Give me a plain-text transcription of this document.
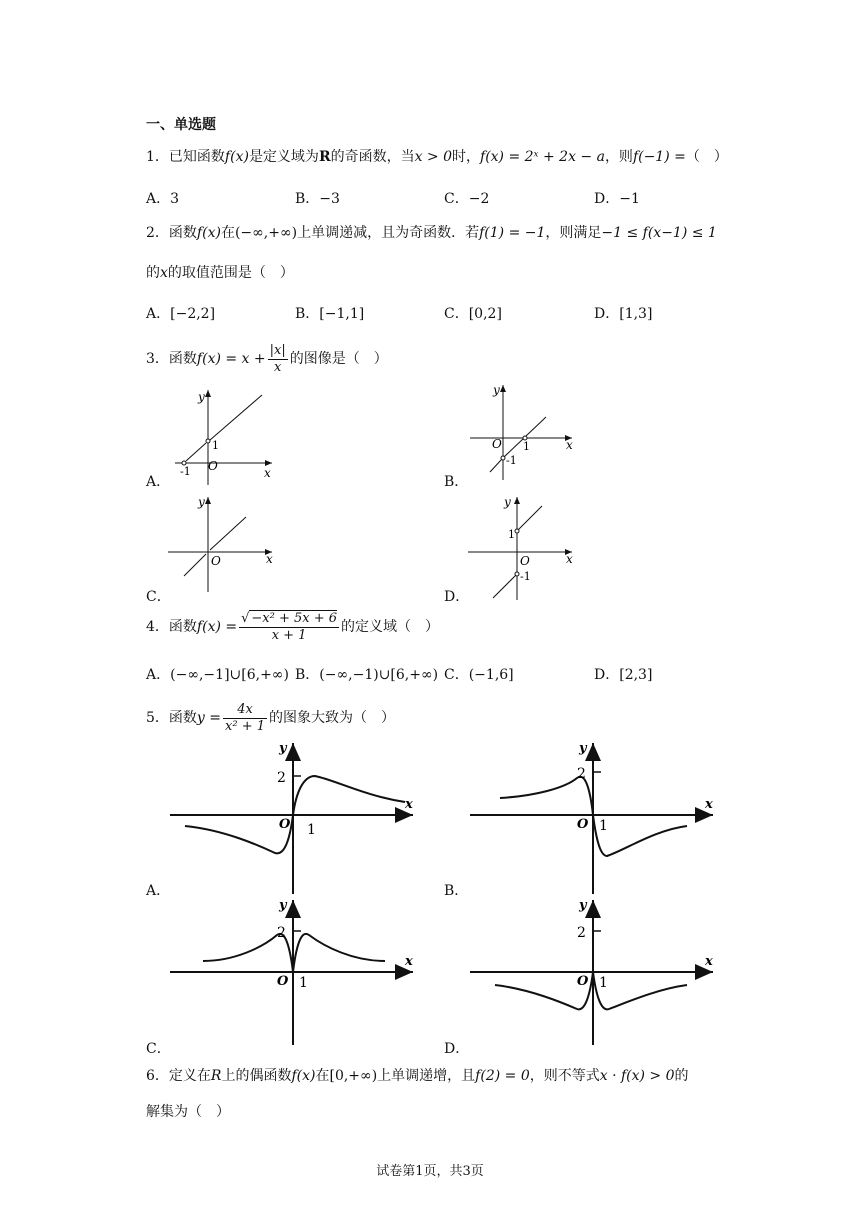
一、单选题
1．已知函数f(x)是定义域为R的奇函数，当x > 0时，f(x) = 2ˣ + 2x − a，则f(−1) =（　）
A．3	B．−3	C．−2	D．−1
2．函数f(x)在(−∞,+∞)上单调递减，且为奇函数．若f(1) = −1，则满足−1 ≤ f(x−1) ≤ 1
的x的取值范围是（　）
A．[−2,2]	B．[−1,1]	C．[0,2]	D．[1,3]
3．函数$f(x) = x + \frac{|x|}{x}$ 的图像是（　）
y
x
O
1
-1
A．
y
x
O 1
-1
B．
y
x
O
C．
y
x
O
1
-1
D．
4．函数$f(x) = \frac{\text{√ −x² + 5x + 6}}{x + 1}$ 的定义域（　）
A．(−∞,−1]∪[6,+∞) B．(−∞,−1)∪[6,+∞) C．(−1,6]	D．[2,3]
5．函数$y = \frac{4x}{\text{x² + 1}}$ 的图象大致为（　）
y
x
O
2
1
A．
y
x
O
2
1
B．
y
x
O
2
1
C．
y
x
O
2
1
D．
6．定义在R上的偶函数f(x)在[0,+∞)上单调递增，且f(2) = 0，则不等式x · f(x) > 0的
解集为（　）
试卷第1页，共3页
